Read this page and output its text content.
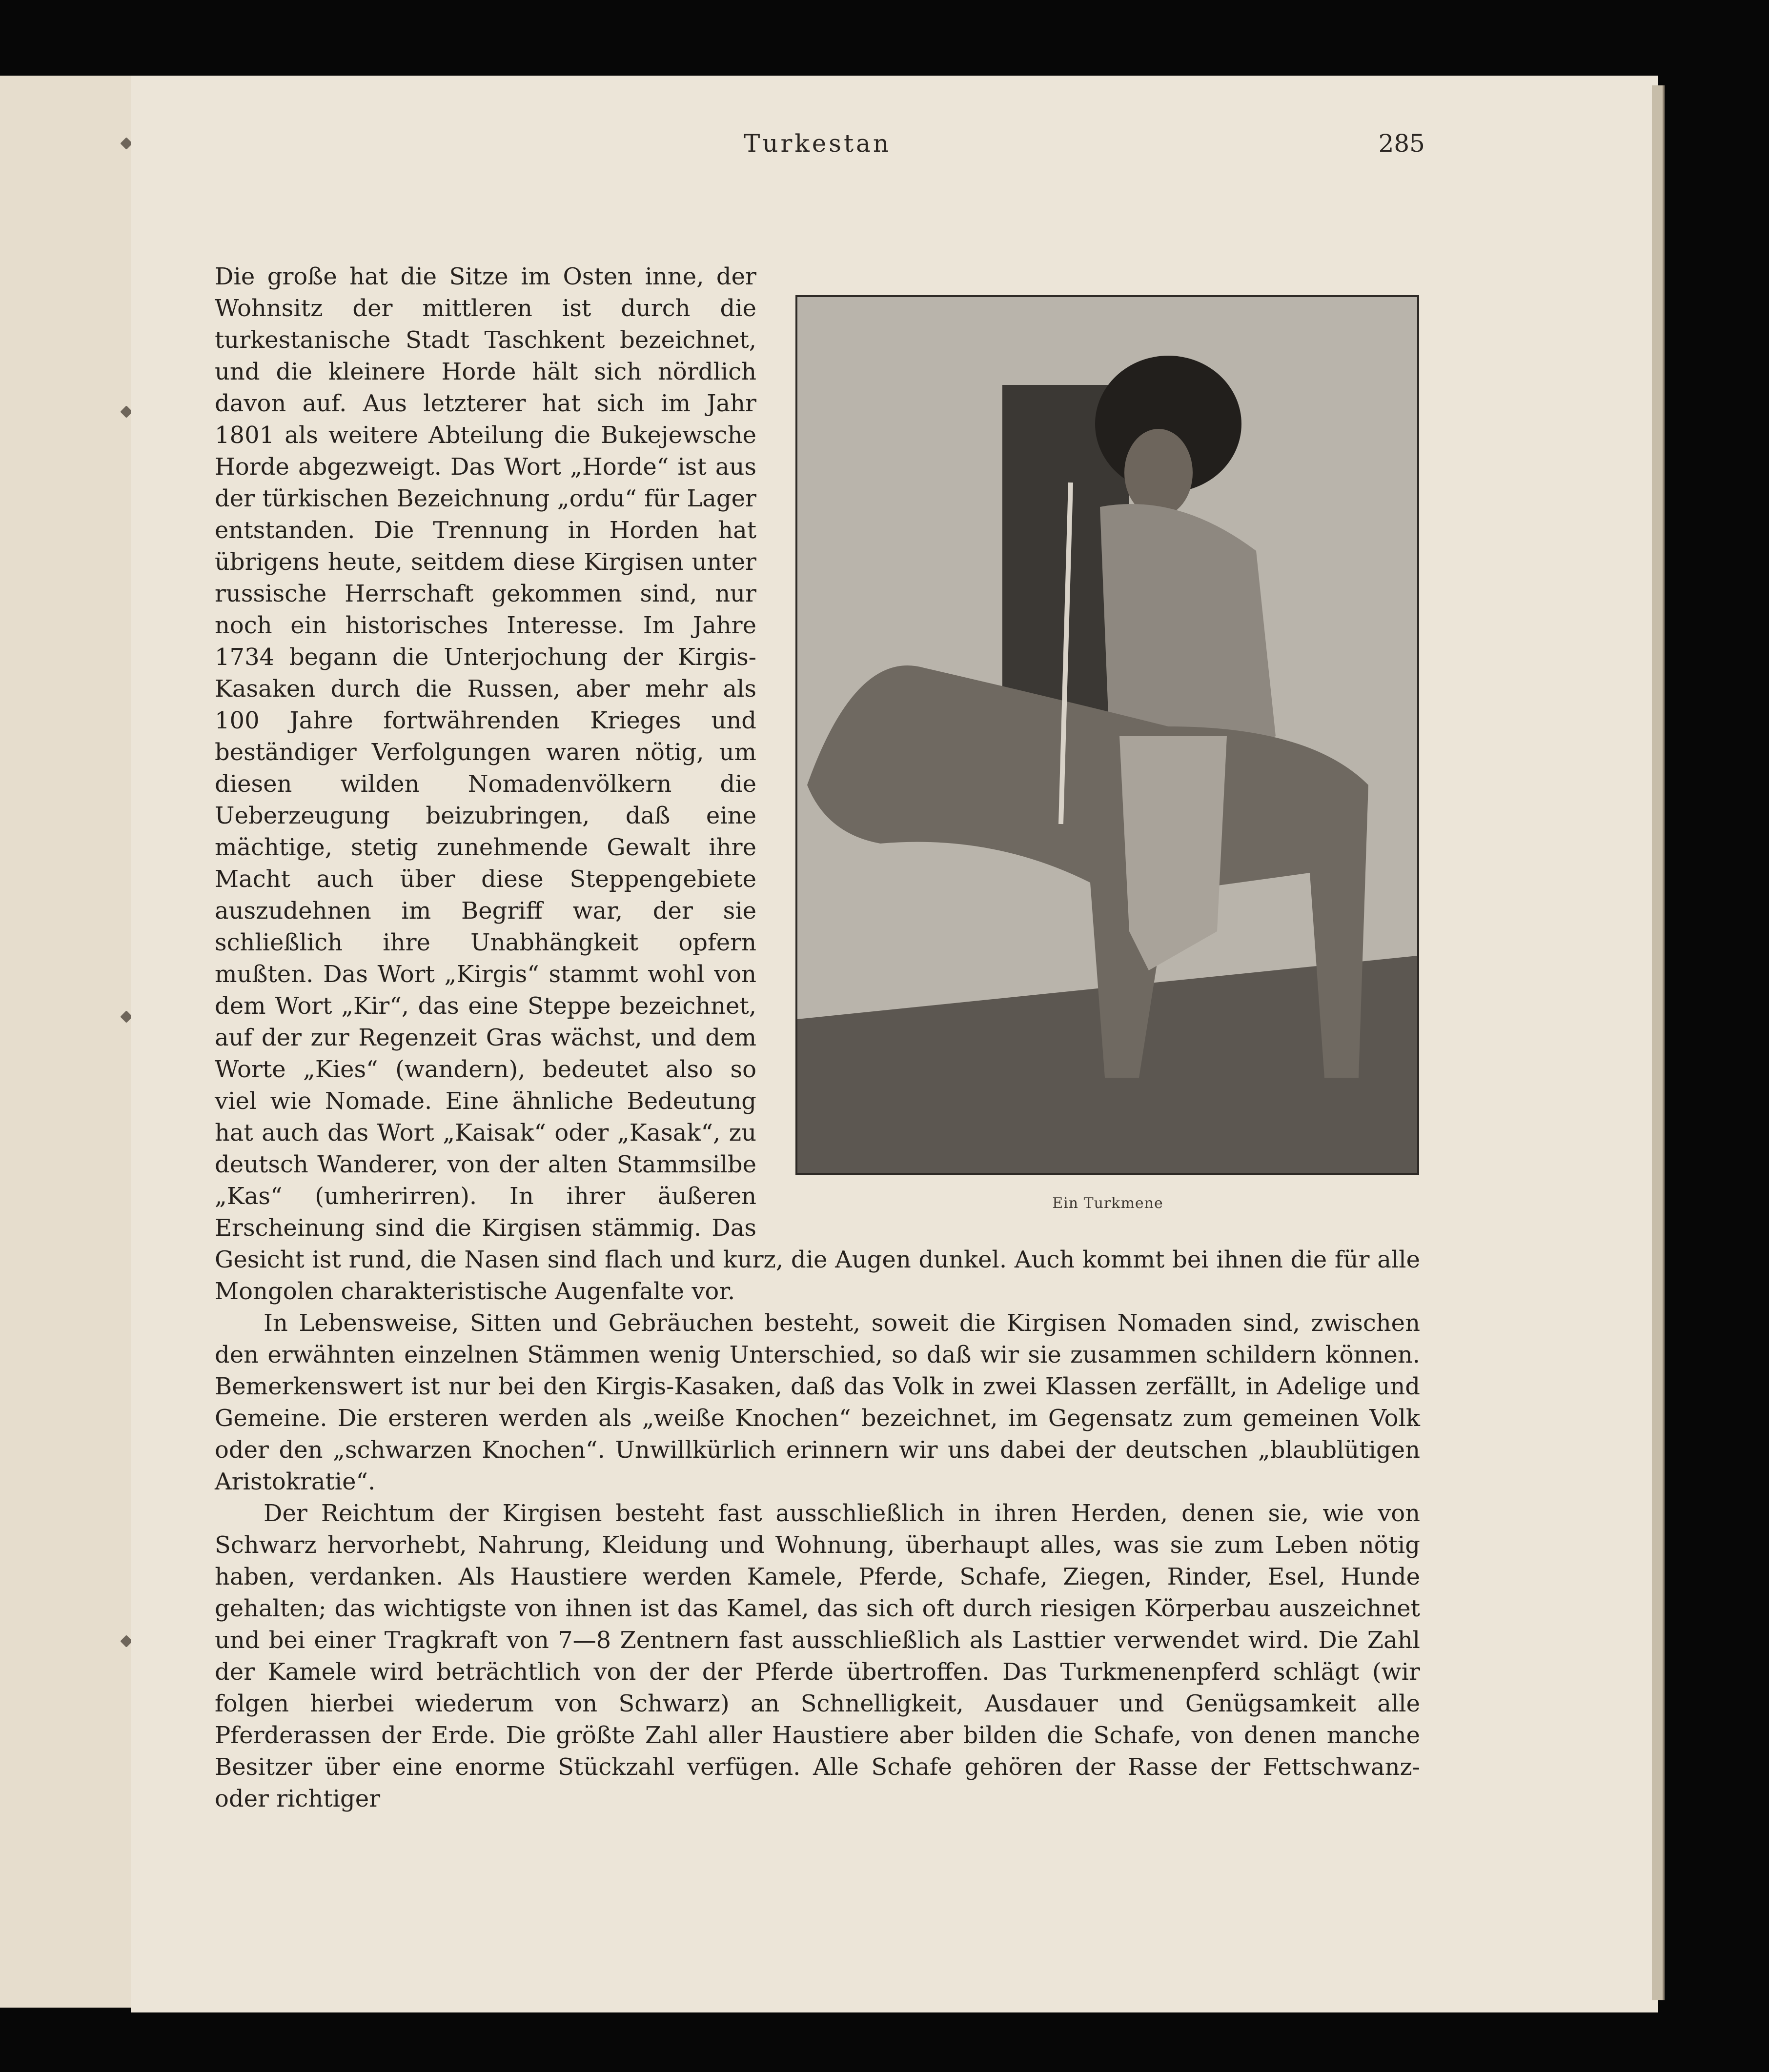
Turkestan	285
Ein Turkmene

Die große hat die Sitze im Osten inne, der Wohnsitz der mittleren ist durch die turkestanische Stadt Taschkent bezeichnet, und die kleinere Horde hält sich nördlich davon auf. Aus letzterer hat sich im Jahr 1801 als weitere Abteilung die Bukejewsche Horde abgezweigt. Das Wort „Horde“ ist aus der türkischen Bezeichnung „ordu“ für Lager entstanden. Die Trennung in Horden hat übrigens heute, seitdem diese Kirgisen unter russische Herrschaft gekommen sind, nur noch ein historisches Interesse. Im Jahre 1734 begann die Unterjochung der Kirgis-Kasaken durch die Russen, aber mehr als 100 Jahre fortwährenden Krieges und beständiger Verfolgungen waren nötig, um diesen wilden Nomadenvölkern die Ueberzeugung beizubringen, daß eine mächtige, stetig zunehmende Gewalt ihre Macht auch über diese Steppengebiete auszudehnen im Begriff war, der sie schließlich ihre Unabhängkeit opfern mußten. Das Wort „Kirgis“ stammt wohl von dem Wort „Kir“, das eine Steppe bezeichnet, auf der zur Regenzeit Gras wächst, und dem Worte „Kies“ (wandern), bedeutet also so viel wie Nomade. Eine ähnliche Bedeutung hat auch das Wort „Kaisak“ oder „Kasak“, zu deutsch Wanderer, von der alten Stammsilbe „Kas“ (umherirren). In ihrer äußeren Erscheinung sind die Kirgisen stämmig. Das Gesicht ist rund, die Nasen sind flach und kurz, die Augen dunkel. Auch kommt bei ihnen die für alle Mongolen charakteristische Augenfalte vor.

In Lebensweise, Sitten und Gebräuchen besteht, soweit die Kirgisen Nomaden sind, zwischen den erwähnten einzelnen Stämmen wenig Unterschied, so daß wir sie zusammen schildern können. Bemerkenswert ist nur bei den Kirgis-Kasaken, daß das Volk in zwei Klassen zerfällt, in Adelige und Gemeine. Die ersteren werden als „weiße Knochen“ bezeichnet, im Gegensatz zum gemeinen Volk oder den „schwarzen Knochen“. Unwillkürlich erinnern wir uns dabei der deutschen „blaublütigen Aristokratie“.

Der Reichtum der Kirgisen besteht fast ausschließlich in ihren Herden, denen sie, wie von Schwarz hervorhebt, Nahrung, Kleidung und Wohnung, überhaupt alles, was sie zum Leben nötig haben, verdanken. Als Haustiere werden Kamele, Pferde, Schafe, Ziegen, Rinder, Esel, Hunde gehalten; das wichtigste von ihnen ist das Kamel, das sich oft durch riesigen Körperbau auszeichnet und bei einer Tragkraft von 7—8 Zentnern fast ausschließlich als Lasttier verwendet wird. Die Zahl der Kamele wird beträchtlich von der der Pferde übertroffen. Das Turkmenenpferd schlägt (wir folgen hierbei wiederum von Schwarz) an Schnelligkeit, Ausdauer und Genügsamkeit alle Pferderassen der Erde. Die größte Zahl aller Haustiere aber bilden die Schafe, von denen manche Besitzer über eine enorme Stückzahl verfügen. Alle Schafe gehören der Rasse der Fettschwanz- oder richtiger
